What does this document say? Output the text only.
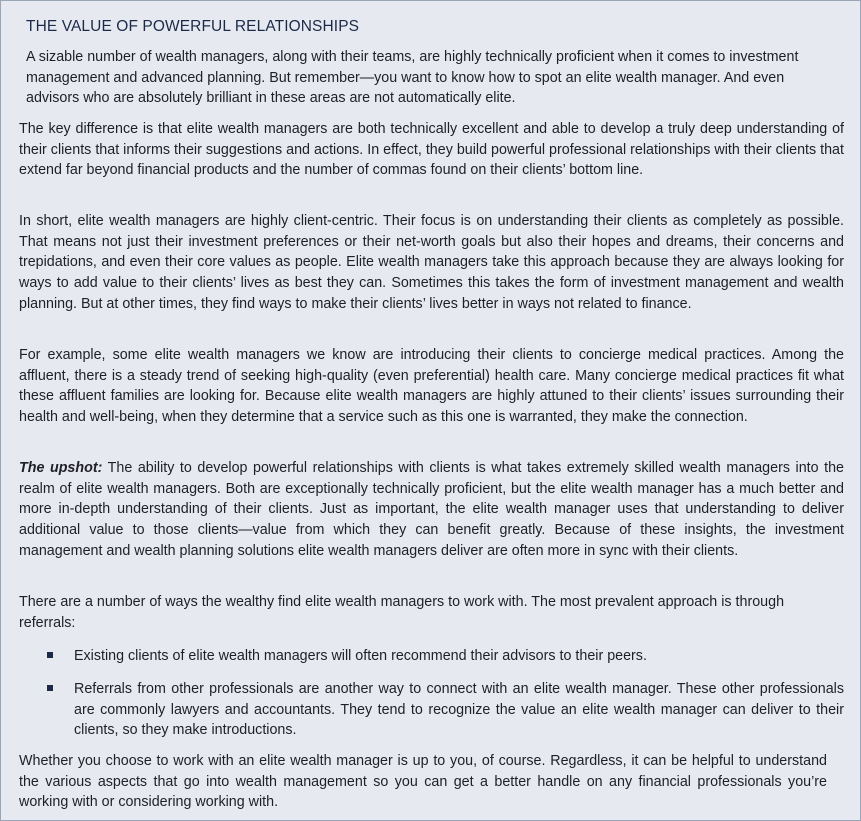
THE VALUE OF POWERFUL RELATIONSHIPS

A sizable number of wealth managers, along with their teams, are highly technically proficient when it comes to investment management and advanced planning. But remember—you want to know how to spot an elite wealth manager. And even advisors who are absolutely brilliant in these areas are not automatically elite.

The key difference is that elite wealth managers are both technically excellent and able to develop a truly deep understanding of their clients that informs their suggestions and actions. In effect, they build powerful professional relationships with their clients that extend far beyond financial products and the number of commas found on their clients’ bottom line.

In short, elite wealth managers are highly client-centric. Their focus is on understanding their clients as completely as possible. That means not just their investment preferences or their net-worth goals but also their hopes and dreams, their concerns and trepidations, and even their core values as people. Elite wealth managers take this approach because they are always looking for ways to add value to their clients’ lives as best they can. Sometimes this takes the form of investment management and wealth planning. But at other times, they find ways to make their clients’ lives better in ways not related to finance.

For example, some elite wealth managers we know are introducing their clients to concierge medical practices. Among the affluent, there is a steady trend of seeking high-quality (even preferential) health care. Many concierge medical practices fit what these affluent families are looking for. Because elite wealth managers are highly attuned to their clients’ issues surrounding their health and well-being, when they determine that a service such as this one is warranted, they make the connection.

The upshot: The ability to develop powerful relationships with clients is what takes extremely skilled wealth managers into the realm of elite wealth managers. Both are exceptionally technically proficient, but the elite wealth manager has a much better and more in-depth understanding of their clients. Just as important, the elite wealth manager uses that understanding to deliver additional value to those clients—value from which they can benefit greatly. Because of these insights, the investment management and wealth planning solutions elite wealth managers deliver are often more in sync with their clients.

There are a number of ways the wealthy find elite wealth managers to work with. The most prevalent approach is through referrals:

Existing clients of elite wealth managers will often recommend their advisors to their peers.
Referrals from other professionals are another way to connect with an elite wealth manager. These other professionals are commonly lawyers and accountants. They tend to recognize the value an elite wealth manager can deliver to their clients, so they make introductions.

Whether you choose to work with an elite wealth manager is up to you, of course. Regardless, it can be helpful to understand the various aspects that go into wealth management so you can get a better handle on any financial professionals you’re working with or considering working with.
